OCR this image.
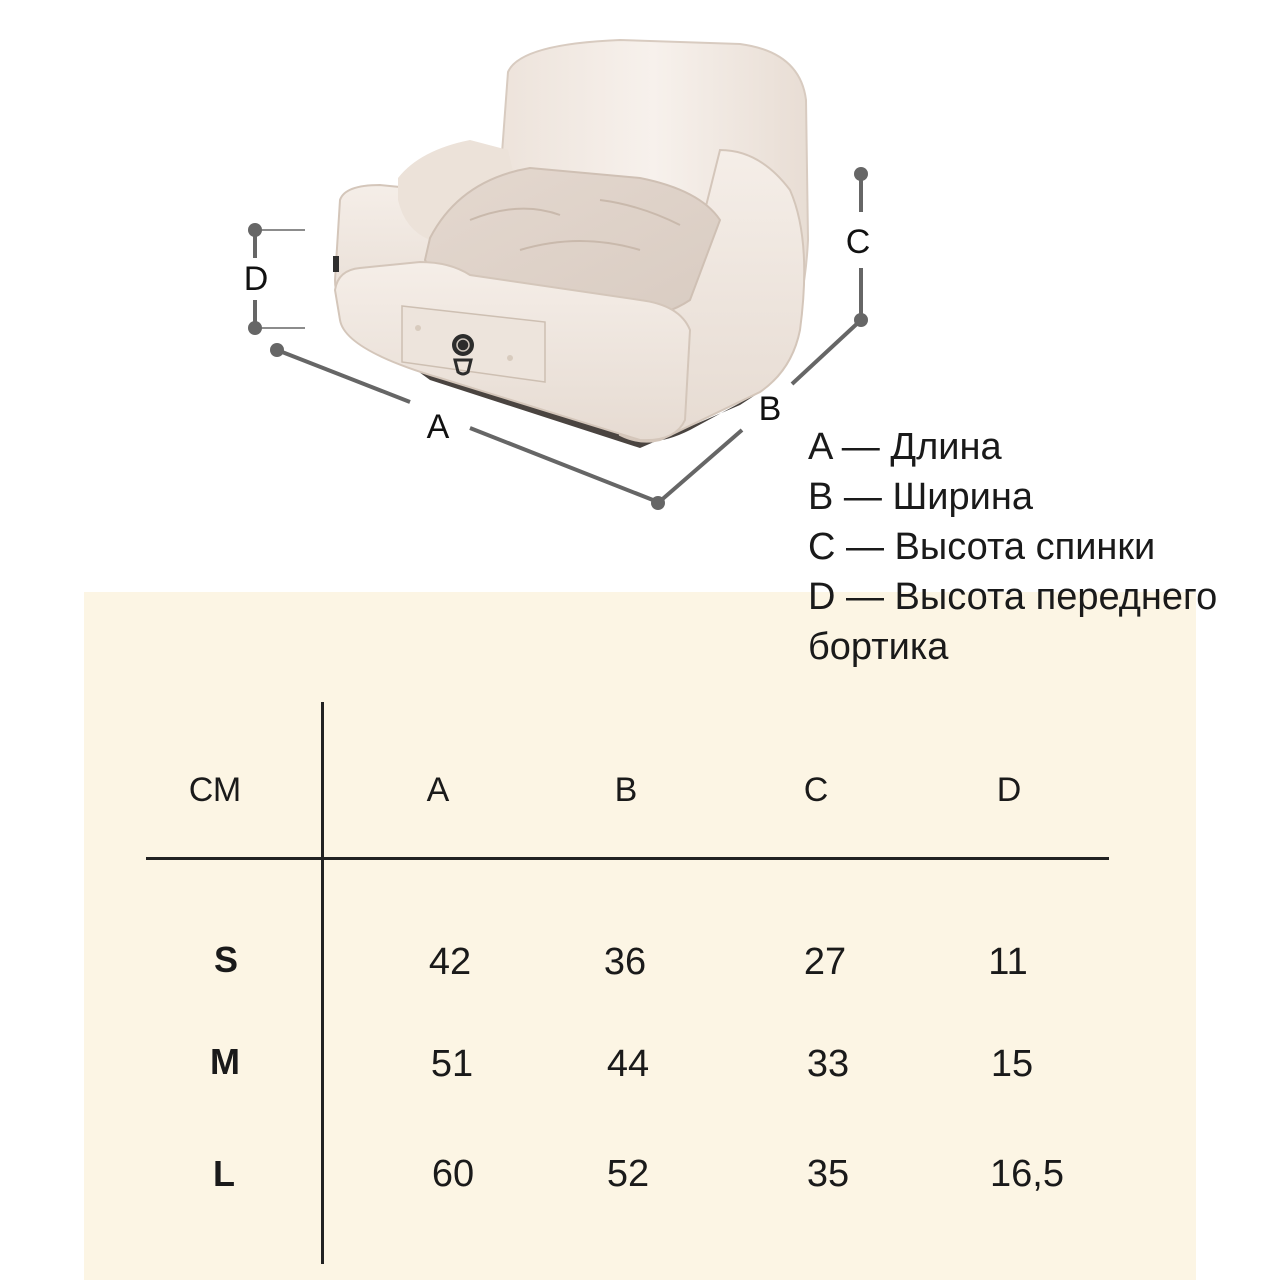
A	B
C
D
A — Длина
B — Ширина
C — Высота спинки
D — Высота переднего бортика
СМ	A	B	C	D
S	42	36	27	11
M	51	44	33	15
L	60	52	35	16,5
